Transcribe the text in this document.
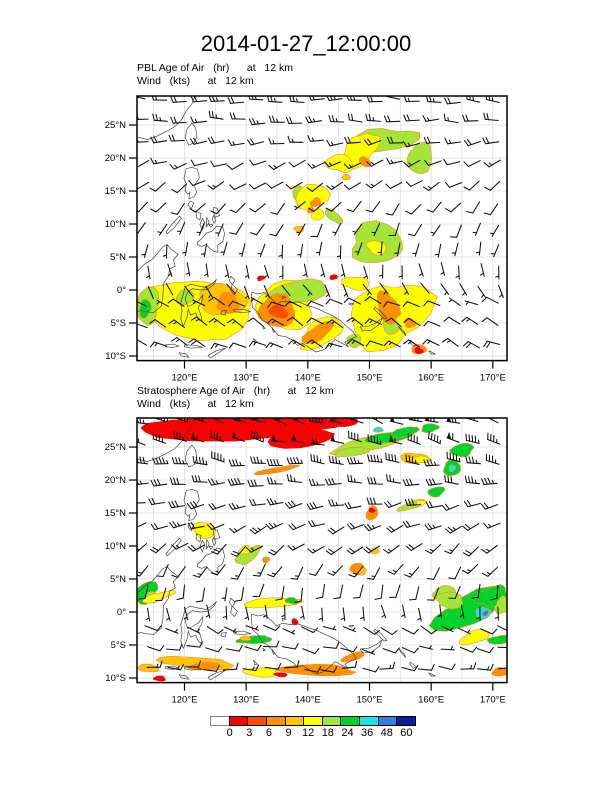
2014-01-27_12:00:00
PBL Age of Air   (hr)      at   12 km
Wind   (kts)      at   12 km
Stratosphere Age of Air   (hr)      at   12 km
Wind   (kts)      at   12 km
25°N
20°N
15°N
10°N
5°N
0°
5°S
10°S
120°E	130°E	140°E	150°E	160°E	170°E
25°N
20°N
15°N
10°N
5°N
0°
5°S
10°S
120°E	130°E	140°E	150°E	160°E	170°E
0 3 6 9 12 18 24 36 48 60
